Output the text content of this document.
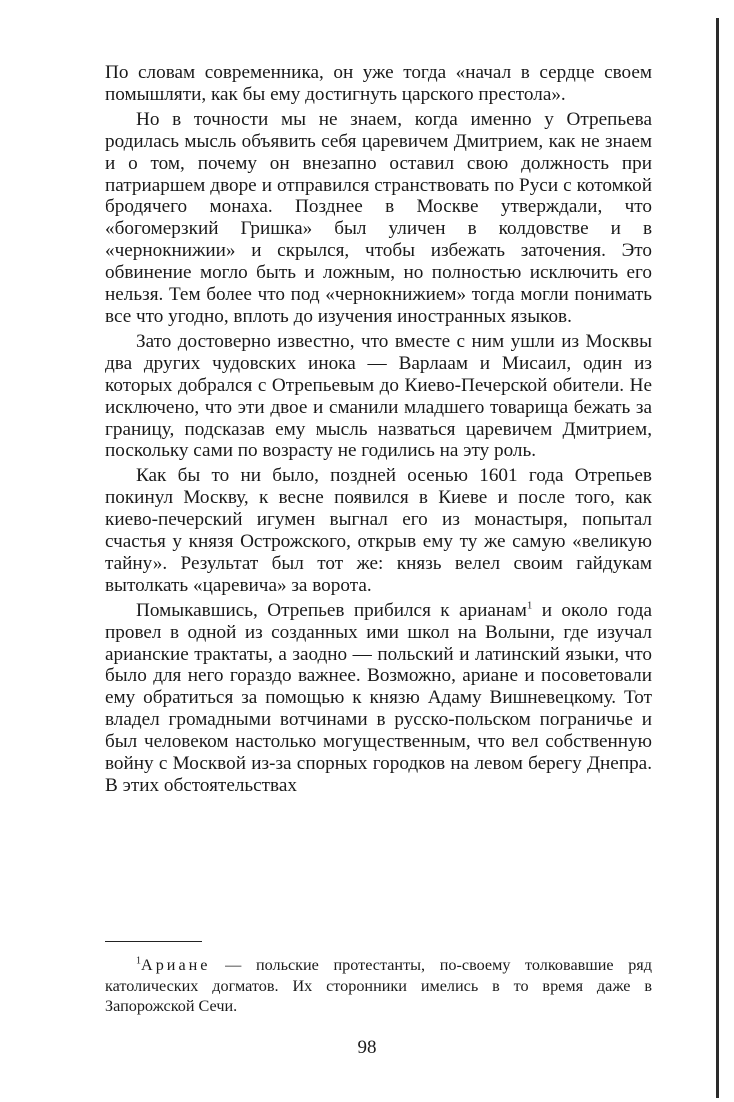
По словам современника, он уже тогда «начал в сердце своем помышляти, как бы ему достигнуть царского престола».

Но в точности мы не знаем, когда именно у Отрепьева родилась мысль объявить себя царевичем Дмитрием, как не знаем и о том, почему он внезапно оставил свою должность при патриаршем дворе и отправился странствовать по Руси с котомкой бродячего монаха. Позднее в Москве утверждали, что «богомерзкий Гришка» был уличен в колдовстве и в «чернокнижии» и скрылся, чтобы избежать заточения. Это обвинение могло быть и ложным, но полностью исключить его нельзя. Тем более что под «чернокнижием» тогда могли понимать все что угодно, вплоть до изучения иностранных языков.

Зато достоверно известно, что вместе с ним ушли из Москвы два других чудовских инока — Варлаам и Мисаил, один из которых добрался с Отрепьевым до Киево-Печерской обители. Не исключено, что эти двое и сманили младшего товарища бежать за границу, подсказав ему мысль назваться царевичем Дмитрием, поскольку сами по возрасту не годились на эту роль.

Как бы то ни было, поздней осенью 1601 года Отрепьев покинул Москву, к весне появился в Киеве и после того, как киево-печерский игумен выгнал его из монастыря, попытал счастья у князя Острожского, открыв ему ту же самую «великую тайну». Результат был тот же: князь велел своим гайдукам вытолкать «царевича» за ворота.

Помыкавшись, Отрепьев прибился к арианам$^1$ и около года провел в одной из созданных ими школ на Волыни, где изучал арианские трактаты, а заодно — польский и латинский языки, что было для него гораздо важнее. Возможно, ариане и посоветовали ему обратиться за помощью к князю Адаму Вишневецкому. Тот владел громадными вотчинами в русско-польском пограничье и был человеком настолько могущественным, что вел собственную войну с Москвой из-за спорных городков на левом берегу Днепра. В этих обстоятельствах

$^1$Ариане — польские протестанты, по-своему толковавшие ряд католических догматов. Их сторонники имелись в то время даже в Запорожской Сечи.

98
